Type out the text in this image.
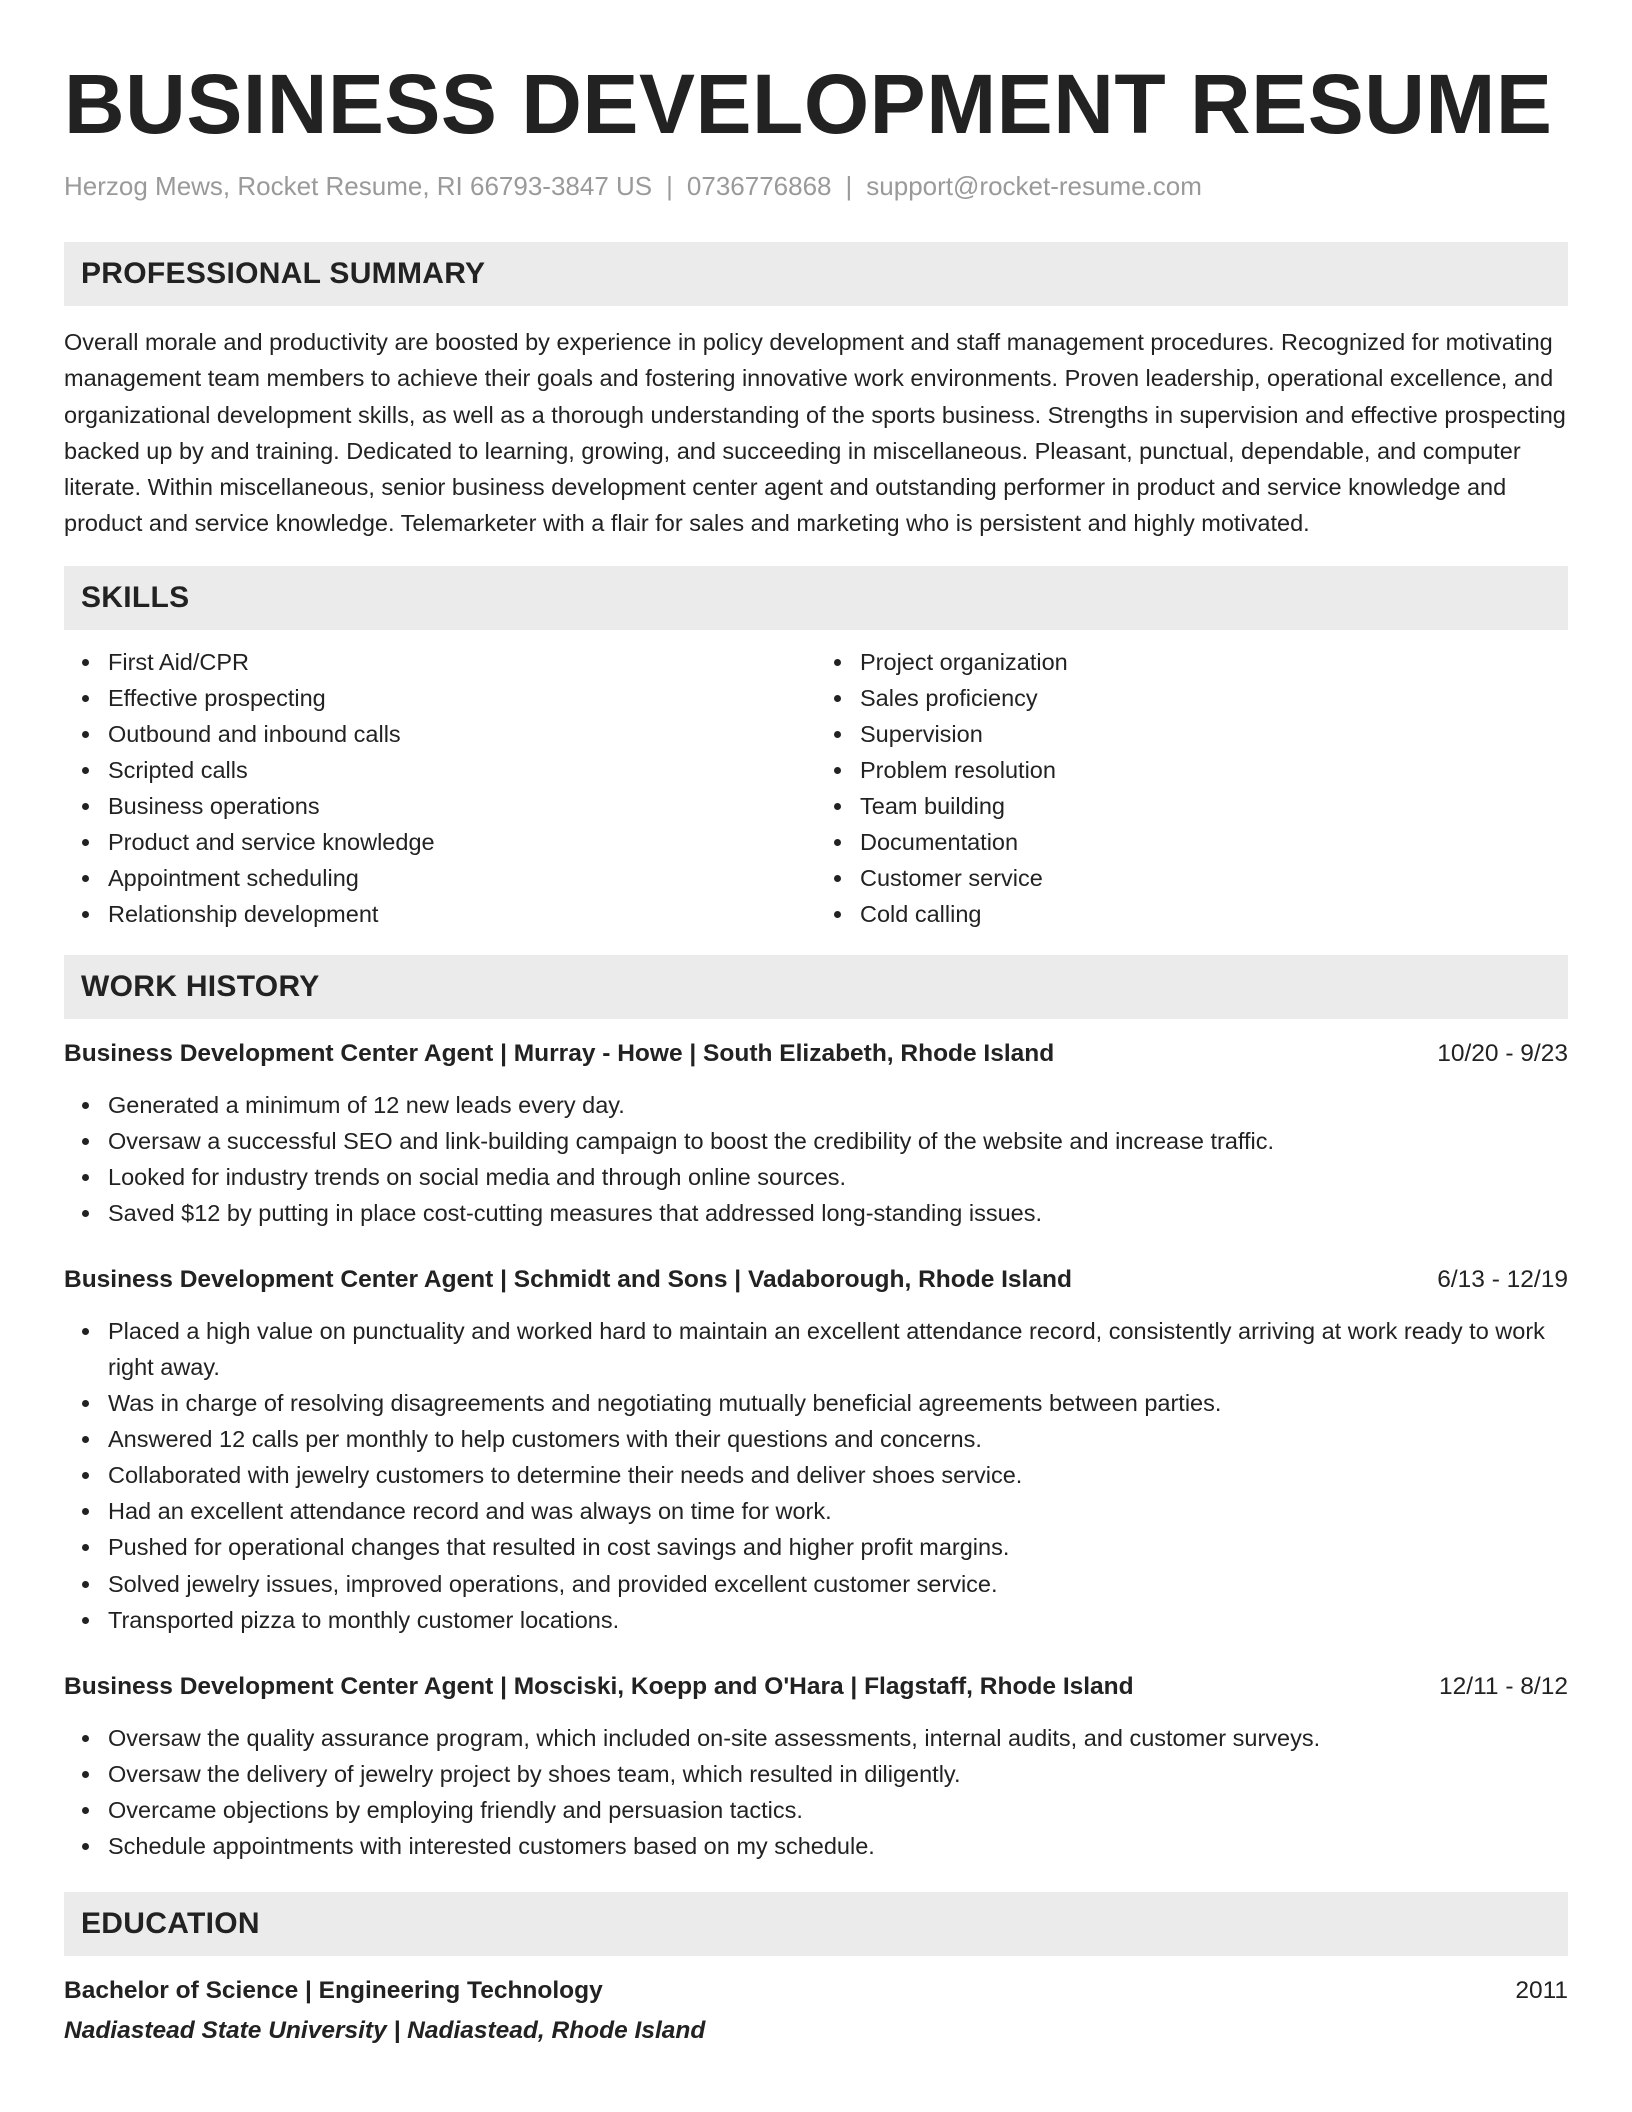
BUSINESS DEVELOPMENT RESUME
Herzog Mews, Rocket Resume, RI 66793-3847 US | 0736776868 | support@rocket-resume.com
PROFESSIONAL SUMMARY

Overall morale and productivity are boosted by experience in policy development and staff management procedures. Recognized for motivating management team members to achieve their goals and fostering innovative work environments. Proven leadership, operational excellence, and organizational development skills, as well as a thorough understanding of the sports business. Strengths in supervision and effective prospecting backed up by and training. Dedicated to learning, growing, and succeeding in miscellaneous. Pleasant, punctual, dependable, and computer literate. Within miscellaneous, senior business development center agent and outstanding performer in product and service knowledge and product and service knowledge. Telemarketer with a flair for sales and marketing who is persistent and highly motivated.

SKILLS
First Aid/CPR
Effective prospecting
Outbound and inbound calls
Scripted calls
Business operations
Product and service knowledge
Appointment scheduling
Relationship development
Project organization
Sales proficiency
Supervision
Problem resolution
Team building
Documentation
Customer service
Cold calling
WORK HISTORY
Business Development Center Agent | Murray - Howe | South Elizabeth, Rhode Island	10/20 - 9/23
Generated a minimum of 12 new leads every day.
Oversaw a successful SEO and link-building campaign to boost the credibility of the website and increase traffic.
Looked for industry trends on social media and through online sources.
Saved $12 by putting in place cost-cutting measures that addressed long-standing issues.
Business Development Center Agent | Schmidt and Sons | Vadaborough, Rhode Island	6/13 - 12/19
Placed a high value on punctuality and worked hard to maintain an excellent attendance record, consistently arriving at work ready to work right away.
Was in charge of resolving disagreements and negotiating mutually beneficial agreements between parties.
Answered 12 calls per monthly to help customers with their questions and concerns.
Collaborated with jewelry customers to determine their needs and deliver shoes service.
Had an excellent attendance record and was always on time for work.
Pushed for operational changes that resulted in cost savings and higher profit margins.
Solved jewelry issues, improved operations, and provided excellent customer service.
Transported pizza to monthly customer locations.
Business Development Center Agent | Mosciski, Koepp and O'Hara | Flagstaff, Rhode Island	12/11 - 8/12
Oversaw the quality assurance program, which included on-site assessments, internal audits, and customer surveys.
Oversaw the delivery of jewelry project by shoes team, which resulted in diligently.
Overcame objections by employing friendly and persuasion tactics.
Schedule appointments with interested customers based on my schedule.
EDUCATION
Bachelor of Science | Engineering Technology	2011
Nadiastead State University | Nadiastead, Rhode Island
